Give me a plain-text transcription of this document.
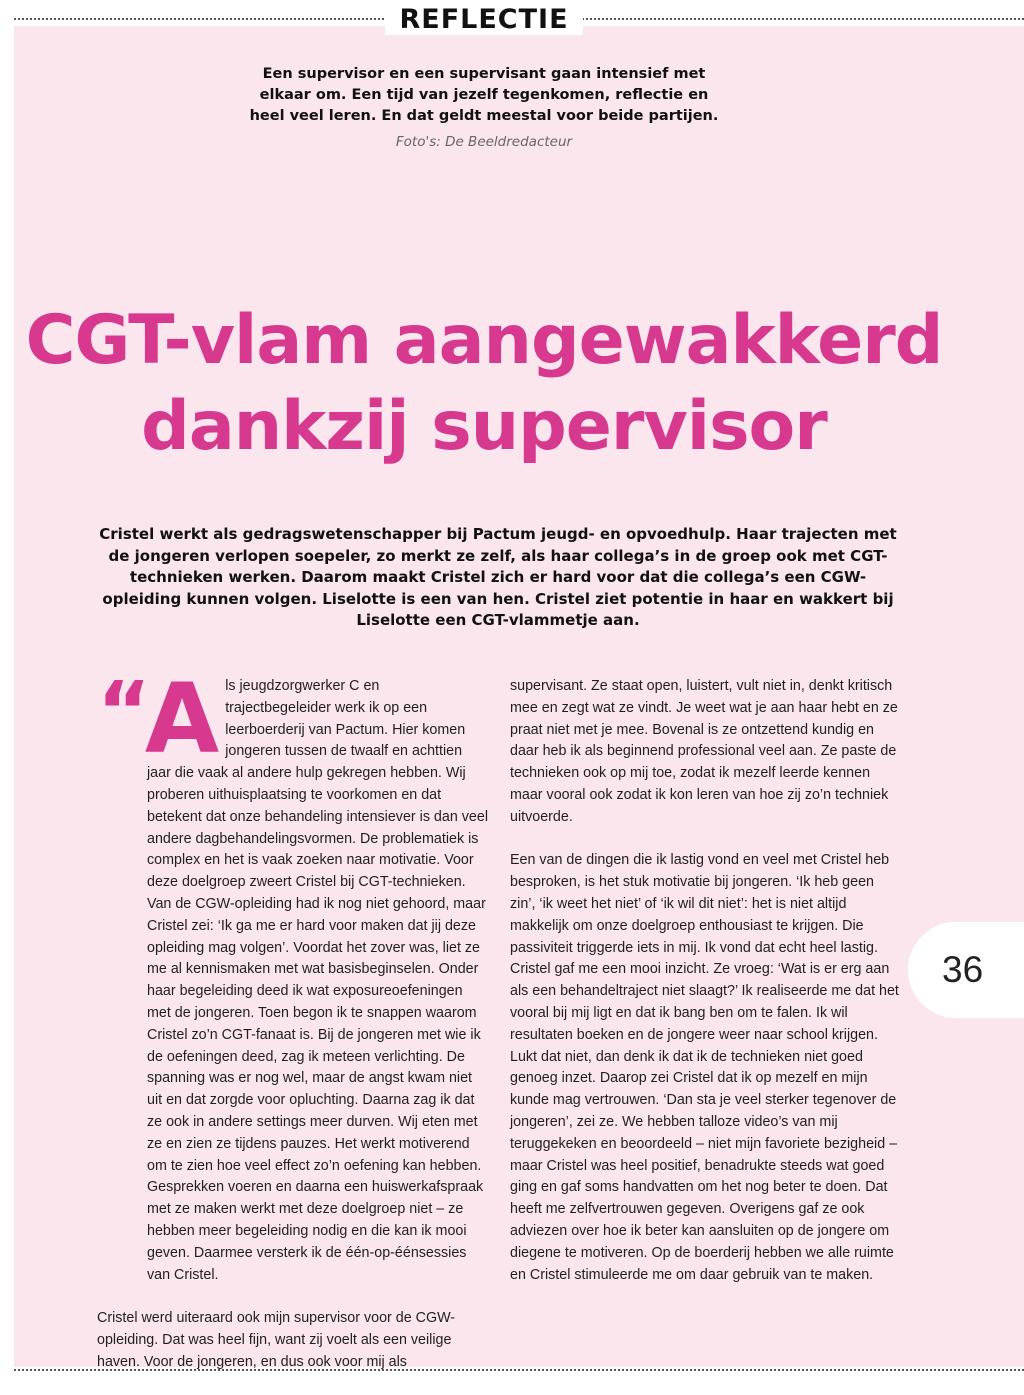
REFLECTIE
Een supervisor en een supervisant gaan intensief met elkaar om. Een tijd van jezelf tegenkomen, reflectie en heel veel leren. En dat geldt meestal voor beide partijen.
Foto's: De Beeldredacteur
CGT-vlam aangewakkerd
dankzij supervisor
Cristel werkt als gedragswetenschapper bij Pactum jeugd- en opvoedhulp. Haar trajecten met de jongeren verlopen soepeler, zo merkt ze zelf, als haar collega’s in de groep ook met CGT-technieken werken. Daarom maakt Cristel zich er hard voor dat die collega’s een CGW-opleiding kunnen volgen. Liselotte is een van hen. Cristel ziet potentie in haar en wakkert bij Liselotte een CGT-vlammetje aan.

“A ls jeugdzorgwerker C en trajectbegeleider werk ik op een leerboerderij van Pactum. Hier komen jongeren tussen de twaalf en achttien jaar die vaak al andere hulp gekregen hebben. Wij proberen uithuisplaatsing te voorkomen en dat betekent dat onze behandeling intensiever is dan veel andere dagbehandelingsvormen. De problematiek is complex en het is vaak zoeken naar motivatie. Voor deze doelgroep zweert Cristel bij CGT-technieken. Van de CGW-opleiding had ik nog niet gehoord, maar Cristel zei: ‘Ik ga me er hard voor maken dat jij deze opleiding mag volgen’. Voordat het zover was, liet ze me al kennismaken met wat basisbeginselen. Onder haar begeleiding deed ik wat exposureoefeningen met de jongeren. Toen begon ik te snappen waarom Cristel zo’n CGT-fanaat is. Bij de jongeren met wie ik de oefeningen deed, zag ik meteen verlichting. De spanning was er nog wel, maar de angst kwam niet uit en dat zorgde voor opluchting. Daarna zag ik dat ze ook in andere settings meer durven. Wij eten met ze en zien ze tijdens pauzes. Het werkt motiverend om te zien hoe veel effect zo’n oefening kan hebben. Gesprekken voeren en daarna een huiswerkafspraak met ze maken werkt met deze doelgroep niet – ze hebben meer begeleiding nodig en die kan ik mooi geven. Daarmee versterk ik de één-op-éénsessies van Cristel.

Cristel werd uiteraard ook mijn supervisor voor de CGW-opleiding. Dat was heel fijn, want zij voelt als een veilige haven. Voor de jongeren, en dus ook voor mij als

supervisant. Ze staat open, luistert, vult niet in, denkt kritisch mee en zegt wat ze vindt. Je weet wat je aan haar hebt en ze praat niet met je mee. Bovenal is ze ontzettend kundig en daar heb ik als beginnend professional veel aan. Ze paste de technieken ook op mij toe, zodat ik mezelf leerde kennen maar vooral ook zodat ik kon leren van hoe zij zo’n techniek uitvoerde.

Een van de dingen die ik lastig vond en veel met Cristel heb besproken, is het stuk motivatie bij jongeren. ‘Ik heb geen zin’, ‘ik weet het niet’ of ‘ik wil dit niet’: het is niet altijd makkelijk om onze doelgroep enthousiast te krijgen. Die passiviteit triggerde iets in mij. Ik vond dat echt heel lastig. Cristel gaf me een mooi inzicht. Ze vroeg: ‘Wat is er erg aan als een behandeltraject niet slaagt?’ Ik realiseerde me dat het vooral bij mij ligt en dat ik bang ben om te falen. Ik wil resultaten boeken en de jongere weer naar school krijgen. Lukt dat niet, dan denk ik dat ik de technieken niet goed genoeg inzet. Daarop zei Cristel dat ik op mezelf en mijn kunde mag vertrouwen. ‘Dan sta je veel sterker tegenover de jongeren’, zei ze. We hebben talloze video’s van mij teruggekeken en beoordeeld – niet mijn favoriete bezigheid – maar Cristel was heel positief, benadrukte steeds wat goed ging en gaf soms handvatten om het nog beter te doen. Dat heeft me zelfvertrouwen gegeven. Overigens gaf ze ook adviezen over hoe ik beter kan aansluiten op de jongere om diegene te motiveren. Op de boerderij hebben we alle ruimte en Cristel stimuleerde me om daar gebruik van te maken.

36
